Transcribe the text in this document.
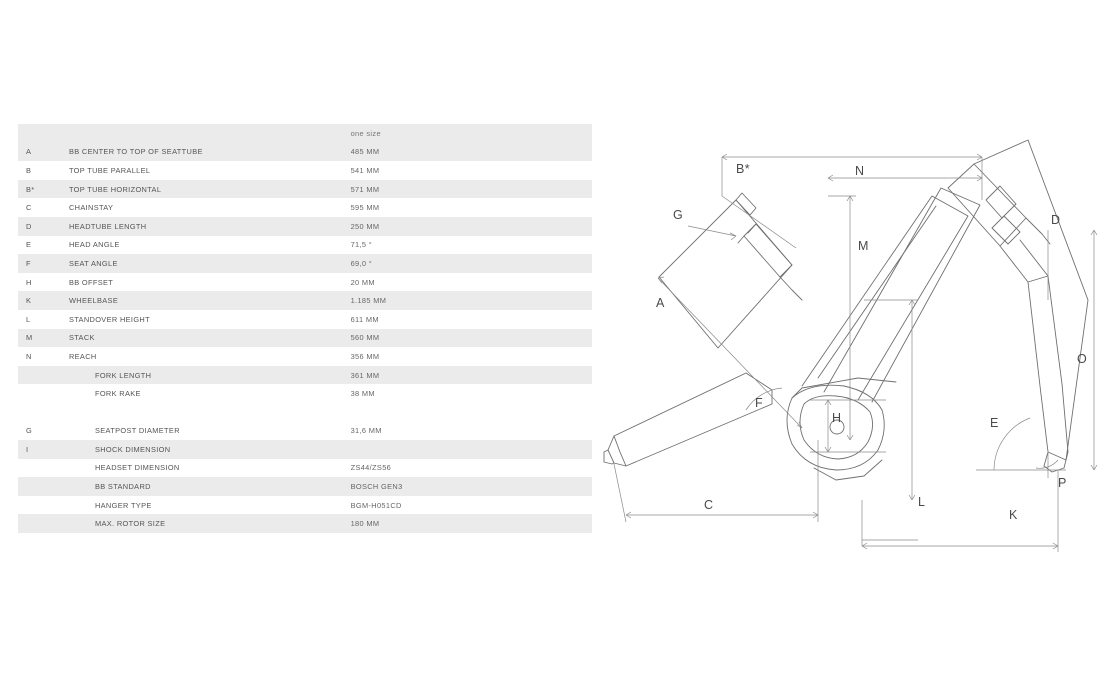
		one size
A	BB CENTER TO TOP OF SEATTUBE	485 MM
B	TOP TUBE PARALLEL	541 MM
B*	TOP TUBE HORIZONTAL	571 MM
C	CHAINSTAY	595 MM
D	HEADTUBE LENGTH	250 MM
E	HEAD ANGLE	71,5 °
F	SEAT ANGLE	69,0 °
H	BB OFFSET	20 MM
K	WHEELBASE	1.185 MM
L	STANDOVER HEIGHT	611 MM
M	STACK	560 MM
N	REACH	356 MM
	FORK LENGTH	361 MM
	FORK RAKE	38 MM

G	SEATPOST DIAMETER	31,6 MM
I	SHOCK DIMENSION	
	HEADSET DIMENSION	ZS44/ZS56
	BB STANDARD	BOSCH GEN3
	HANGER TYPE	BGM-H051CD
	MAX. ROTOR SIZE	180 MM
A
B*
C
D
E
F
G
H
K
L
M
N
O
P
